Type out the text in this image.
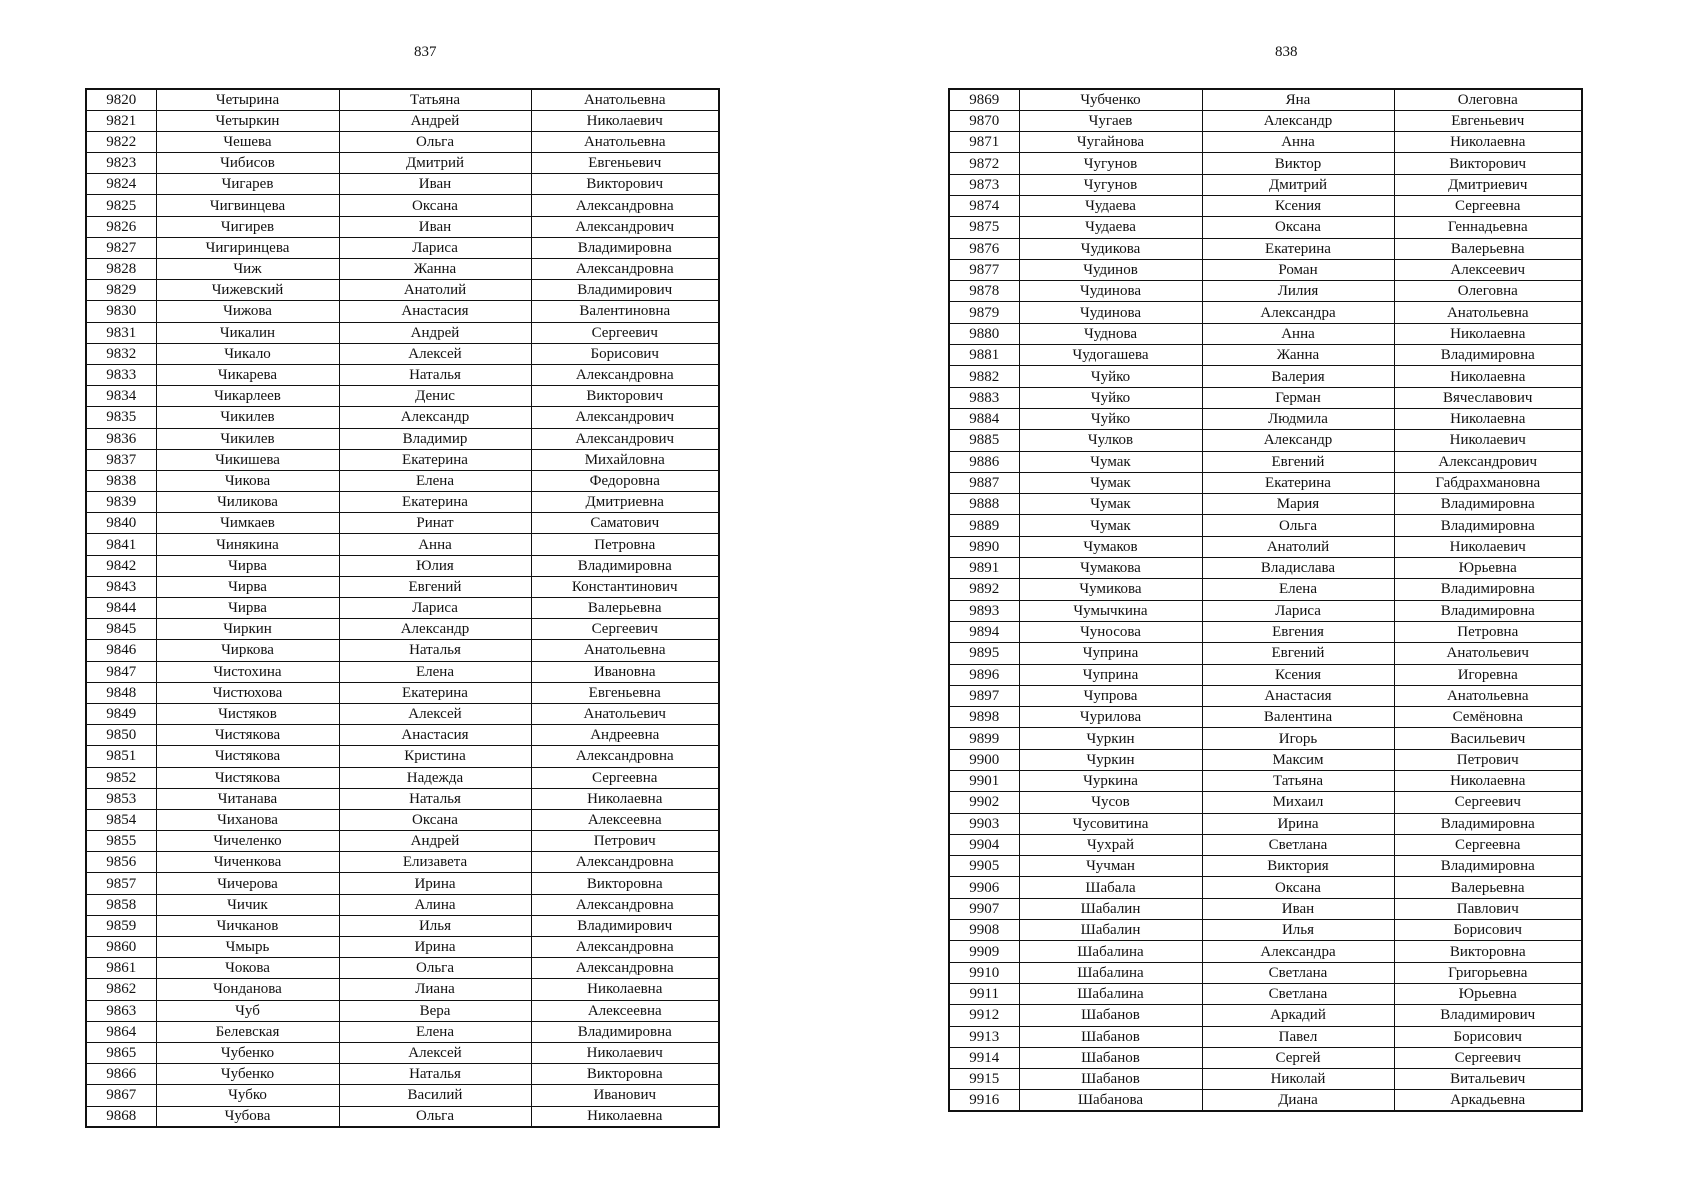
837	838
9820	Четырина	Татьяна	Анатольевна
9821	Четыркин	Андрей	Николаевич
9822	Чешева	Ольга	Анатольевна
9823	Чибисов	Дмитрий	Евгеньевич
9824	Чигарев	Иван	Викторович
9825	Чигвинцева	Оксана	Александровна
9826	Чигирев	Иван	Александрович
9827	Чигиринцева	Лариса	Владимировна
9828	Чиж	Жанна	Александровна
9829	Чижевский	Анатолий	Владимирович
9830	Чижова	Анастасия	Валентиновна
9831	Чикалин	Андрей	Сергеевич
9832	Чикало	Алексей	Борисович
9833	Чикарева	Наталья	Александровна
9834	Чикарлеев	Денис	Викторович
9835	Чикилев	Александр	Александрович
9836	Чикилев	Владимир	Александрович
9837	Чикишева	Екатерина	Михайловна
9838	Чикова	Елена	Федоровна
9839	Чиликова	Екатерина	Дмитриевна
9840	Чимкаев	Ринат	Саматович
9841	Чинякина	Анна	Петровна
9842	Чирва	Юлия	Владимировна
9843	Чирва	Евгений	Константинович
9844	Чирва	Лариса	Валерьевна
9845	Чиркин	Александр	Сергеевич
9846	Чиркова	Наталья	Анатольевна
9847	Чистохина	Елена	Ивановна
9848	Чистюхова	Екатерина	Евгеньевна
9849	Чистяков	Алексей	Анатольевич
9850	Чистякова	Анастасия	Андреевна
9851	Чистякова	Кристина	Александровна
9852	Чистякова	Надежда	Сергеевна
9853	Читанава	Наталья	Николаевна
9854	Чиханова	Оксана	Алексеевна
9855	Чичеленко	Андрей	Петрович
9856	Чиченкова	Елизавета	Александровна
9857	Чичерова	Ирина	Викторовна
9858	Чичик	Алина	Александровна
9859	Чичканов	Илья	Владимирович
9860	Чмырь	Ирина	Александровна
9861	Чокова	Ольга	Александровна
9862	Чонданова	Лиана	Николаевна
9863	Чуб	Вера	Алексеевна
9864	Белевская	Елена	Владимировна
9865	Чубенко	Алексей	Николаевич
9866	Чубенко	Наталья	Викторовна
9867	Чубко	Василий	Иванович
9868	Чубова	Ольга	Николаевна
9869	Чубченко	Яна	Олеговна
9870	Чугаев	Александр	Евгеньевич
9871	Чугайнова	Анна	Николаевна
9872	Чугунов	Виктор	Викторович
9873	Чугунов	Дмитрий	Дмитриевич
9874	Чудаева	Ксения	Сергеевна
9875	Чудаева	Оксана	Геннадьевна
9876	Чудикова	Екатерина	Валерьевна
9877	Чудинов	Роман	Алексеевич
9878	Чудинова	Лилия	Олеговна
9879	Чудинова	Александра	Анатольевна
9880	Чуднова	Анна	Николаевна
9881	Чудогашева	Жанна	Владимировна
9882	Чуйко	Валерия	Николаевна
9883	Чуйко	Герман	Вячеславович
9884	Чуйко	Людмила	Николаевна
9885	Чулков	Александр	Николаевич
9886	Чумак	Евгений	Александрович
9887	Чумак	Екатерина	Габдрахмановна
9888	Чумак	Мария	Владимировна
9889	Чумак	Ольга	Владимировна
9890	Чумаков	Анатолий	Николаевич
9891	Чумакова	Владислава	Юрьевна
9892	Чумикова	Елена	Владимировна
9893	Чумычкина	Лариса	Владимировна
9894	Чуносова	Евгения	Петровна
9895	Чуприна	Евгений	Анатольевич
9896	Чуприна	Ксения	Игоревна
9897	Чупрова	Анастасия	Анатольевна
9898	Чурилова	Валентина	Семёновна
9899	Чуркин	Игорь	Васильевич
9900	Чуркин	Максим	Петрович
9901	Чуркина	Татьяна	Николаевна
9902	Чусов	Михаил	Сергеевич
9903	Чусовитина	Ирина	Владимировна
9904	Чухрай	Светлана	Сергеевна
9905	Чучман	Виктория	Владимировна
9906	Шабала	Оксана	Валерьевна
9907	Шабалин	Иван	Павлович
9908	Шабалин	Илья	Борисович
9909	Шабалина	Александра	Викторовна
9910	Шабалина	Светлана	Григорьевна
9911	Шабалина	Светлана	Юрьевна
9912	Шабанов	Аркадий	Владимирович
9913	Шабанов	Павел	Борисович
9914	Шабанов	Сергей	Сергеевич
9915	Шабанов	Николай	Витальевич
9916	Шабанова	Диана	Аркадьевна
